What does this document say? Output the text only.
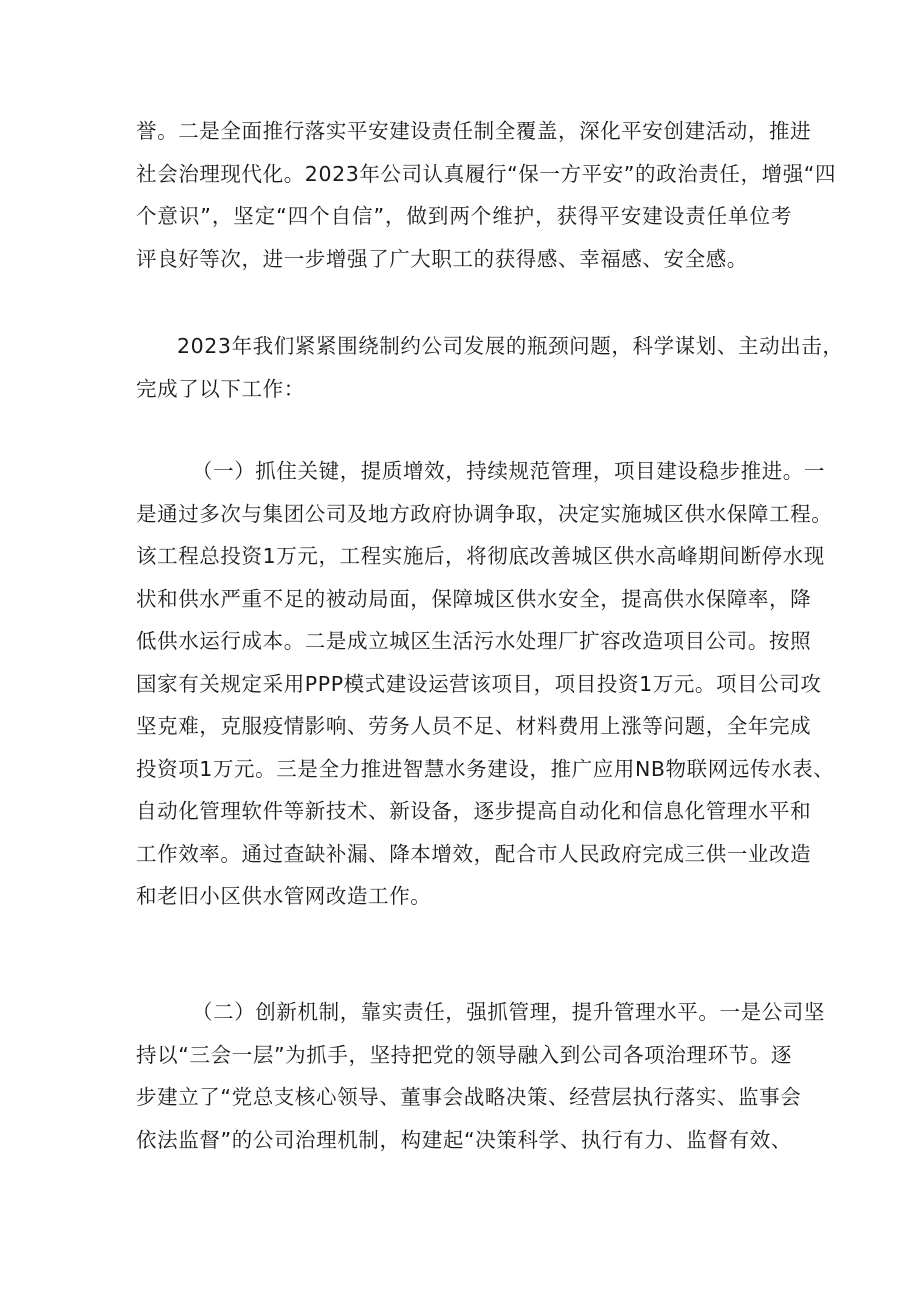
誉。二是全面推行落实平安建设责任制全覆盖，深化平安创建活动，推进
社会治理现代化。2023年公司认真履行“保一方平安”的政治责任，增强“四
个意识”，坚定“四个自信”，做到两个维护，获得平安建设责任单位考
评良好等次，进一步增强了广大职工的获得感、幸福感、安全感。
2023年我们紧紧围绕制约公司发展的瓶颈问题，科学谋划、主动出击，
完成了以下工作：
（一）抓住关键，提质增效，持续规范管理，项目建设稳步推进。一
是通过多次与集团公司及地方政府协调争取，决定实施城区供水保障工程。
该工程总投资1万元，工程实施后，将彻底改善城区供水高峰期间断停水现
状和供水严重不足的被动局面，保障城区供水安全，提高供水保障率，降
低供水运行成本。二是成立城区生活污水处理厂扩容改造项目公司。按照
国家有关规定采用PPP模式建设运营该项目，项目投资1万元。项目公司攻
坚克难，克服疫情影响、劳务人员不足、材料费用上涨等问题，全年完成
投资项1万元。三是全力推进智慧水务建设，推广应用NB物联网远传水表、
自动化管理软件等新技术、新设备，逐步提高自动化和信息化管理水平和
工作效率。通过查缺补漏、降本增效，配合市人民政府完成三供一业改造
和老旧小区供水管网改造工作。
（二）创新机制，靠实责任，强抓管理，提升管理水平。一是公司坚
持以“三会一层”为抓手，坚持把党的领导融入到公司各项治理环节。逐
步建立了“党总支核心领导、董事会战略决策、经营层执行落实、监事会
依法监督”的公司治理机制，构建起“决策科学、执行有力、监督有效、
